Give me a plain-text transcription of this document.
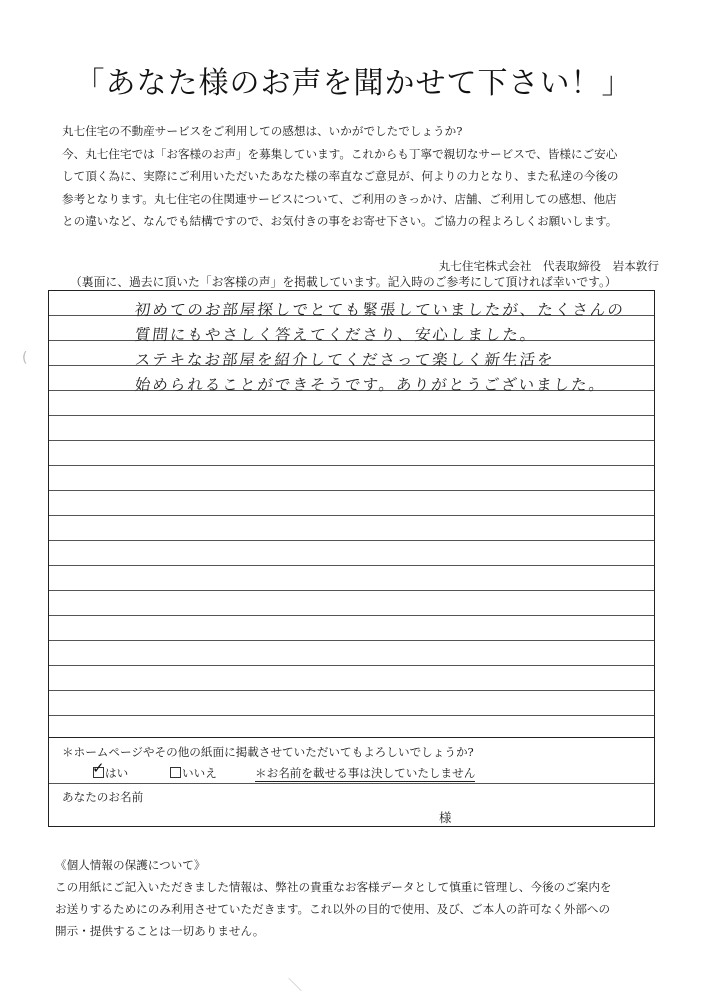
「あなた様のお声を聞かせて下さい！」
丸七住宅の不動産サービスをご利用しての感想は、いかがでしたでしょうか?
今、丸七住宅では「お客様のお声」を募集しています。これからも丁寧で親切なサービスで、皆様にご安心
して頂く為に、実際にご利用いただいたあなた様の率直なご意見が、何よりの力となり、また私達の今後の
参考となります。丸七住宅の住関連サービスについて、ご利用のきっかけ、店舗、ご利用しての感想、他店
との違いなど、なんでも結構ですので、お気付きの事をお寄せ下さい。ご協力の程よろしくお願いします。
丸七住宅株式会社　代表取締役　岩本敦行
（裏面に、過去に頂いた「お客様の声」を掲載しています。記入時のご参考にして頂ければ幸いです。）
初めてのお部屋探しでとても緊張していましたが、たくさんの
質問にもやさしく答えてくださり、安心しました。
ステキなお部屋を紹介してくださって楽しく新生活を
始められることができそうです。ありがとうございました。
＊ホームページやその他の紙面に掲載させていただいてもよろしいでしょうか?
✓ はい	いいえ	＊お名前を載せる事は決していたしません
あなたのお名前
様
《個人情報の保護について》
この用紙にご記入いただきました情報は、弊社の貴重なお客様データとして慎重に管理し、今後のご案内を
お送りするためにのみ利用させていただきます。これ以外の目的で使用、及び、ご本人の許可なく外部への
開示・提供することは一切ありません。
(
＼
